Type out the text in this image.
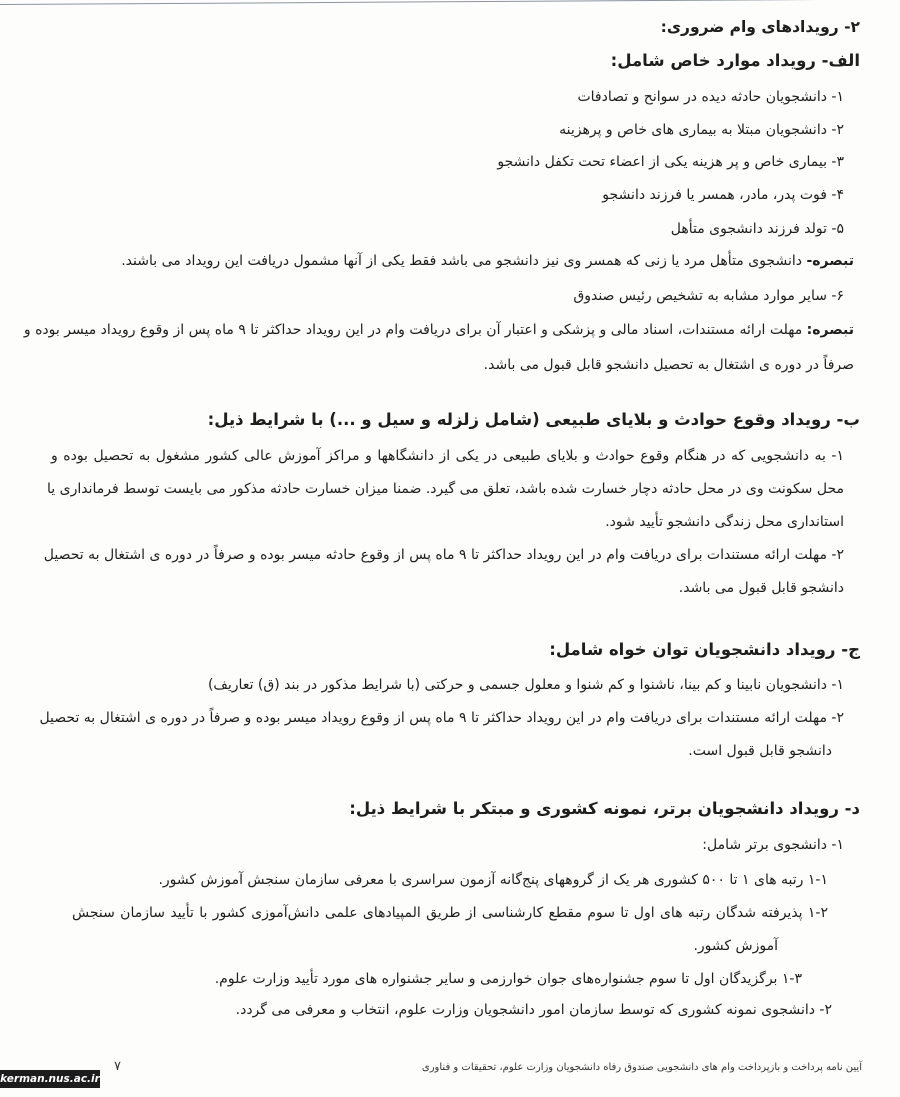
۲- رویدادهای وام ضروری:
الف- رویداد موارد خاص شامل:
۱- دانشجویان حادثه دیده در سوانح و تصادفات
۲- دانشجویان مبتلا به بیماری های خاص و پرهزینه
۳- بیماری خاص و پر هزینه یکی از اعضاء تحت تکفل دانشجو
۴- فوت پدر، مادر، همسر یا فرزند دانشجو
۵- تولد فرزند دانشجوی متأهل
تبصره- دانشجوی متأهل مرد یا زنی که همسر وی نیز دانشجو می باشد فقط یکی از آنها مشمول دریافت این رویداد می باشند.
۶- سایر موارد مشابه به تشخیص رئیس صندوق
تبصره: مهلت ارائه مستندات، اسناد مالی و پزشکی و اعتبار آن برای دریافت وام در این رویداد حداکثر تا ۹ ماه پس از وقوع رویداد میسر بوده و
صرفاً در دوره ی اشتغال به تحصیل دانشجو قابل قبول می باشد.
ب- رویداد وقوع حوادث و بلایای طبیعی (شامل زلزله و سیل و ...) با شرایط ذیل:
۱- به دانشجویی که در هنگام وقوع حوادث و بلایای طبیعی در یکی از دانشگاهها و مراکز آموزش عالی کشور مشغول به تحصیل بوده و
محل سکونت وی در محل حادثه دچار خسارت شده باشد، تعلق می گیرد. ضمنا میزان خسارت حادثه مذکور می بایست توسط فرمانداری یا
استانداری محل زندگی دانشجو تأیید شود.
۲- مهلت ارائه مستندات برای دریافت وام در این رویداد حداکثر تا ۹ ماه پس از وقوع حادثه میسر بوده و صرفاً در دوره ی اشتغال به تحصیل
دانشجو قابل قبول می باشد.
ج- رویداد دانشجویان توان خواه شامل:
۱- دانشجویان نابینا و کم بینا، ناشنوا و کم شنوا و معلول جسمی و حرکتی (با شرایط مذکور در بند (ق) تعاریف)
۲- مهلت ارائه مستندات برای دریافت وام در این رویداد حداکثر تا ۹ ماه پس از وقوع رویداد میسر بوده و صرفاً در دوره ی اشتغال به تحصیل
دانشجو قابل قبول است.
د- رویداد دانشجویان برتر، نمونه کشوری و مبتکر با شرایط ذیل:
۱- دانشجوی برتر شامل:
۱-۱ رتبه های ۱ تا ۵۰۰ کشوری هر یک از گروههای پنج‌گانه آزمون سراسری با معرفی سازمان سنجش آموزش کشور.
۱-۲ پذیرفته شدگان رتبه های اول تا سوم مقطع کارشناسی از طریق المپیادهای علمی دانش‌آموزی کشور با تأیید سازمان سنجش
آموزش کشور.
۱-۳ برگزیدگان اول تا سوم جشنواره‌های جوان خوارزمی و سایر جشنواره های مورد تأیید وزارت علوم.
۲- دانشجوی نمونه کشوری که توسط سازمان امور دانشجویان وزارت علوم، انتخاب و معرفی می گردد.
آیین نامه پرداخت و بازپرداخت وام های دانشجویی صندوق رفاه دانشجویان وزارت علوم، تحقیقات و فناوری
۷
kerman.nus.ac.ir
